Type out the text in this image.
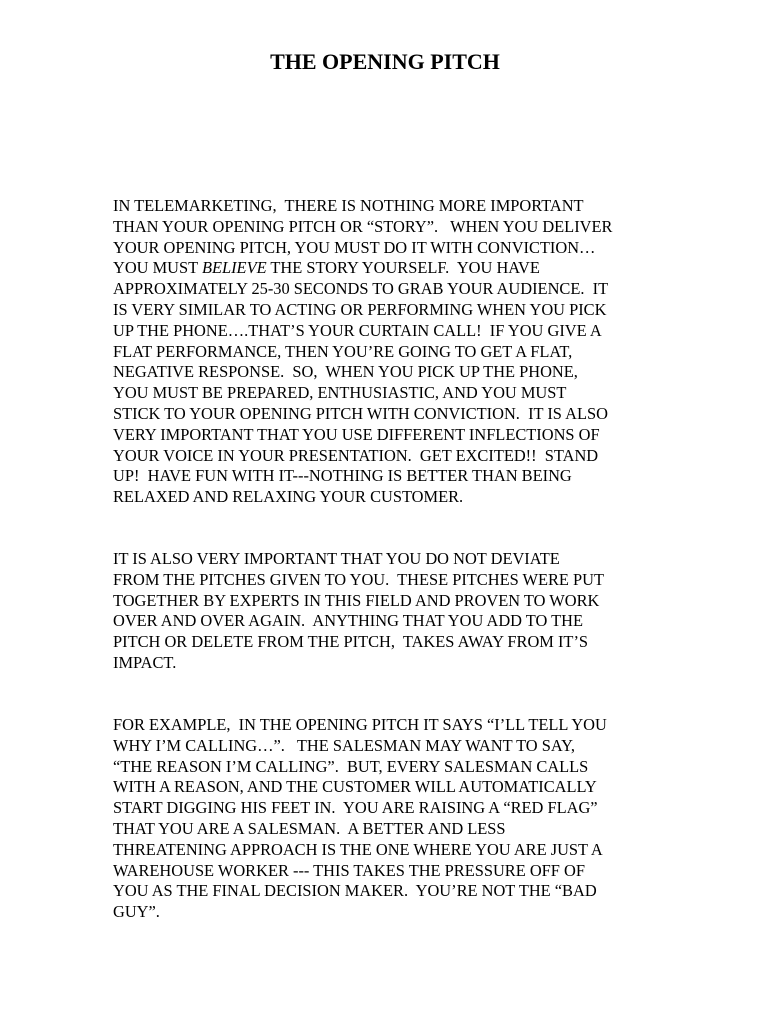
THE OPENING PITCH
IN TELEMARKETING,  THERE IS NOTHING MORE IMPORTANT
THAN YOUR OPENING PITCH OR “STORY”.   WHEN YOU DELIVER
YOUR OPENING PITCH, YOU MUST DO IT WITH CONVICTION…
YOU MUST BELIEVE THE STORY YOURSELF.  YOU HAVE
APPROXIMATELY 25-30 SECONDS TO GRAB YOUR AUDIENCE.  IT
IS VERY SIMILAR TO ACTING OR PERFORMING WHEN YOU PICK
UP THE PHONE….THAT’S YOUR CURTAIN CALL!  IF YOU GIVE A
FLAT PERFORMANCE, THEN YOU’RE GOING TO GET A FLAT,
NEGATIVE RESPONSE.  SO,  WHEN YOU PICK UP THE PHONE,
YOU MUST BE PREPARED, ENTHUSIASTIC, AND YOU MUST
STICK TO YOUR OPENING PITCH WITH CONVICTION.  IT IS ALSO
VERY IMPORTANT THAT YOU USE DIFFERENT INFLECTIONS OF
YOUR VOICE IN YOUR PRESENTATION.  GET EXCITED!!  STAND
UP!  HAVE FUN WITH IT---NOTHING IS BETTER THAN BEING
RELAXED AND RELAXING YOUR CUSTOMER.
IT IS ALSO VERY IMPORTANT THAT YOU DO NOT DEVIATE
FROM THE PITCHES GIVEN TO YOU.  THESE PITCHES WERE PUT
TOGETHER BY EXPERTS IN THIS FIELD AND PROVEN TO WORK
OVER AND OVER AGAIN.  ANYTHING THAT YOU ADD TO THE
PITCH OR DELETE FROM THE PITCH,  TAKES AWAY FROM IT’S
IMPACT.
FOR EXAMPLE,  IN THE OPENING PITCH IT SAYS “I’LL TELL YOU
WHY I’M CALLING…”.   THE SALESMAN MAY WANT TO SAY,
“THE REASON I’M CALLING”.  BUT, EVERY SALESMAN CALLS
WITH A REASON, AND THE CUSTOMER WILL AUTOMATICALLY
START DIGGING HIS FEET IN.  YOU ARE RAISING A “RED FLAG”
THAT YOU ARE A SALESMAN.  A BETTER AND LESS
THREATENING APPROACH IS THE ONE WHERE YOU ARE JUST A
WAREHOUSE WORKER --- THIS TAKES THE PRESSURE OFF OF
YOU AS THE FINAL DECISION MAKER.  YOU’RE NOT THE “BAD
GUY”.
